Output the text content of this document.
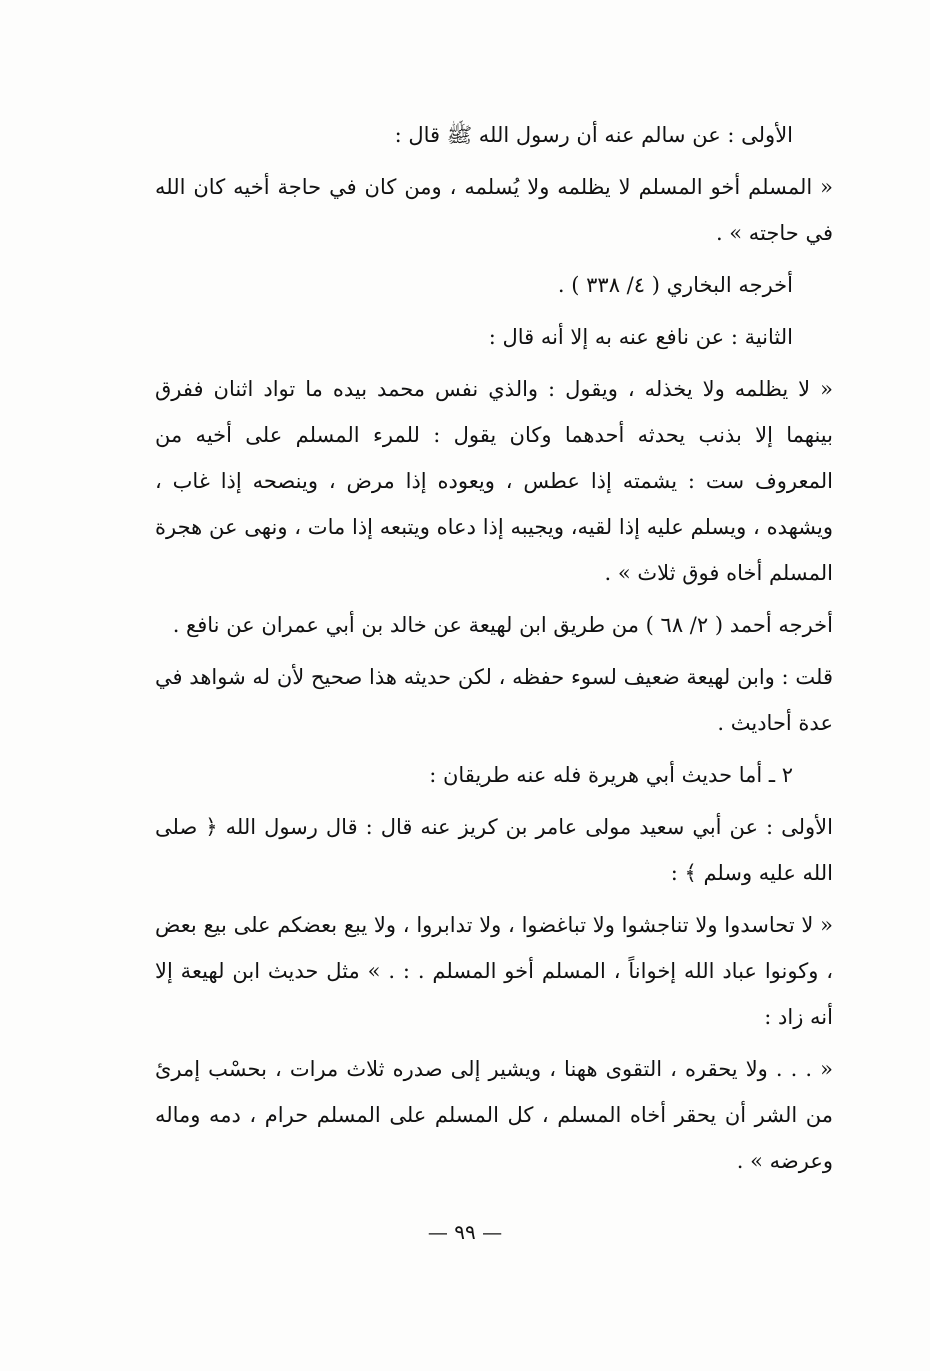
الأولى : عن سالم عنه أن رسول الله ﷺ قال :

« المسلم أخو المسلم لا يظلمه ولا يُسلمه ، ومن كان في حاجة أخيه كان الله في حاجته » .

أخرجه البخاري ( ٤/ ٣٣٨ ) .

الثانية : عن نافع عنه به إلا أنه قال :

« لا يظلمه ولا يخذله ، ويقول : والذي نفس محمد بيده ما تواد اثنان ففرق بينهما إلا بذنب يحدثه أحدهما وكان يقول : للمرء المسلم على أخيه من المعروف ست : يشمته إذا عطس ، ويعوده إذا مرض ، وينصحه إذا غاب ، ويشهده ، ويسلم عليه إذا لقيه، ويجيبه إذا دعاه ويتبعه إذا مات ، ونهى عن هجرة المسلم أخاه فوق ثلاث » .

أخرجه أحمد ( ٢/ ٦٨ ) من طريق ابن لهيعة عن خالد بن أبي عمران عن نافع .

قلت : وابن لهيعة ضعيف لسوء حفظه ، لكن حديثه هذا صحيح لأن له شواهد في عدة أحاديث .

٢ ـ أما حديث أبي هريرة فله عنه طريقان :

الأولى : عن أبي سعيد مولى عامر بن كريز عنه قال : قال رسول الله ﴿ صلى الله عليه وسلم ﴾ :

« لا تحاسدوا ولا تناجشوا ولا تباغضوا ، ولا تدابروا ، ولا يبع بعضكم على بيع بعض ، وكونوا عباد الله إخواناً ، المسلم أخو المسلم . : . » مثل حديث ابن لهيعة إلا أنه زاد :

« . . . ولا يحقره ، التقوى ههنا ، ويشير إلى صدره ثلاث مرات ، بحسْب إمرئ من الشر أن يحقر أخاه المسلم ، كل المسلم على المسلم حرام ، دمه وماله وعرضه » .

— ٩٩ —
